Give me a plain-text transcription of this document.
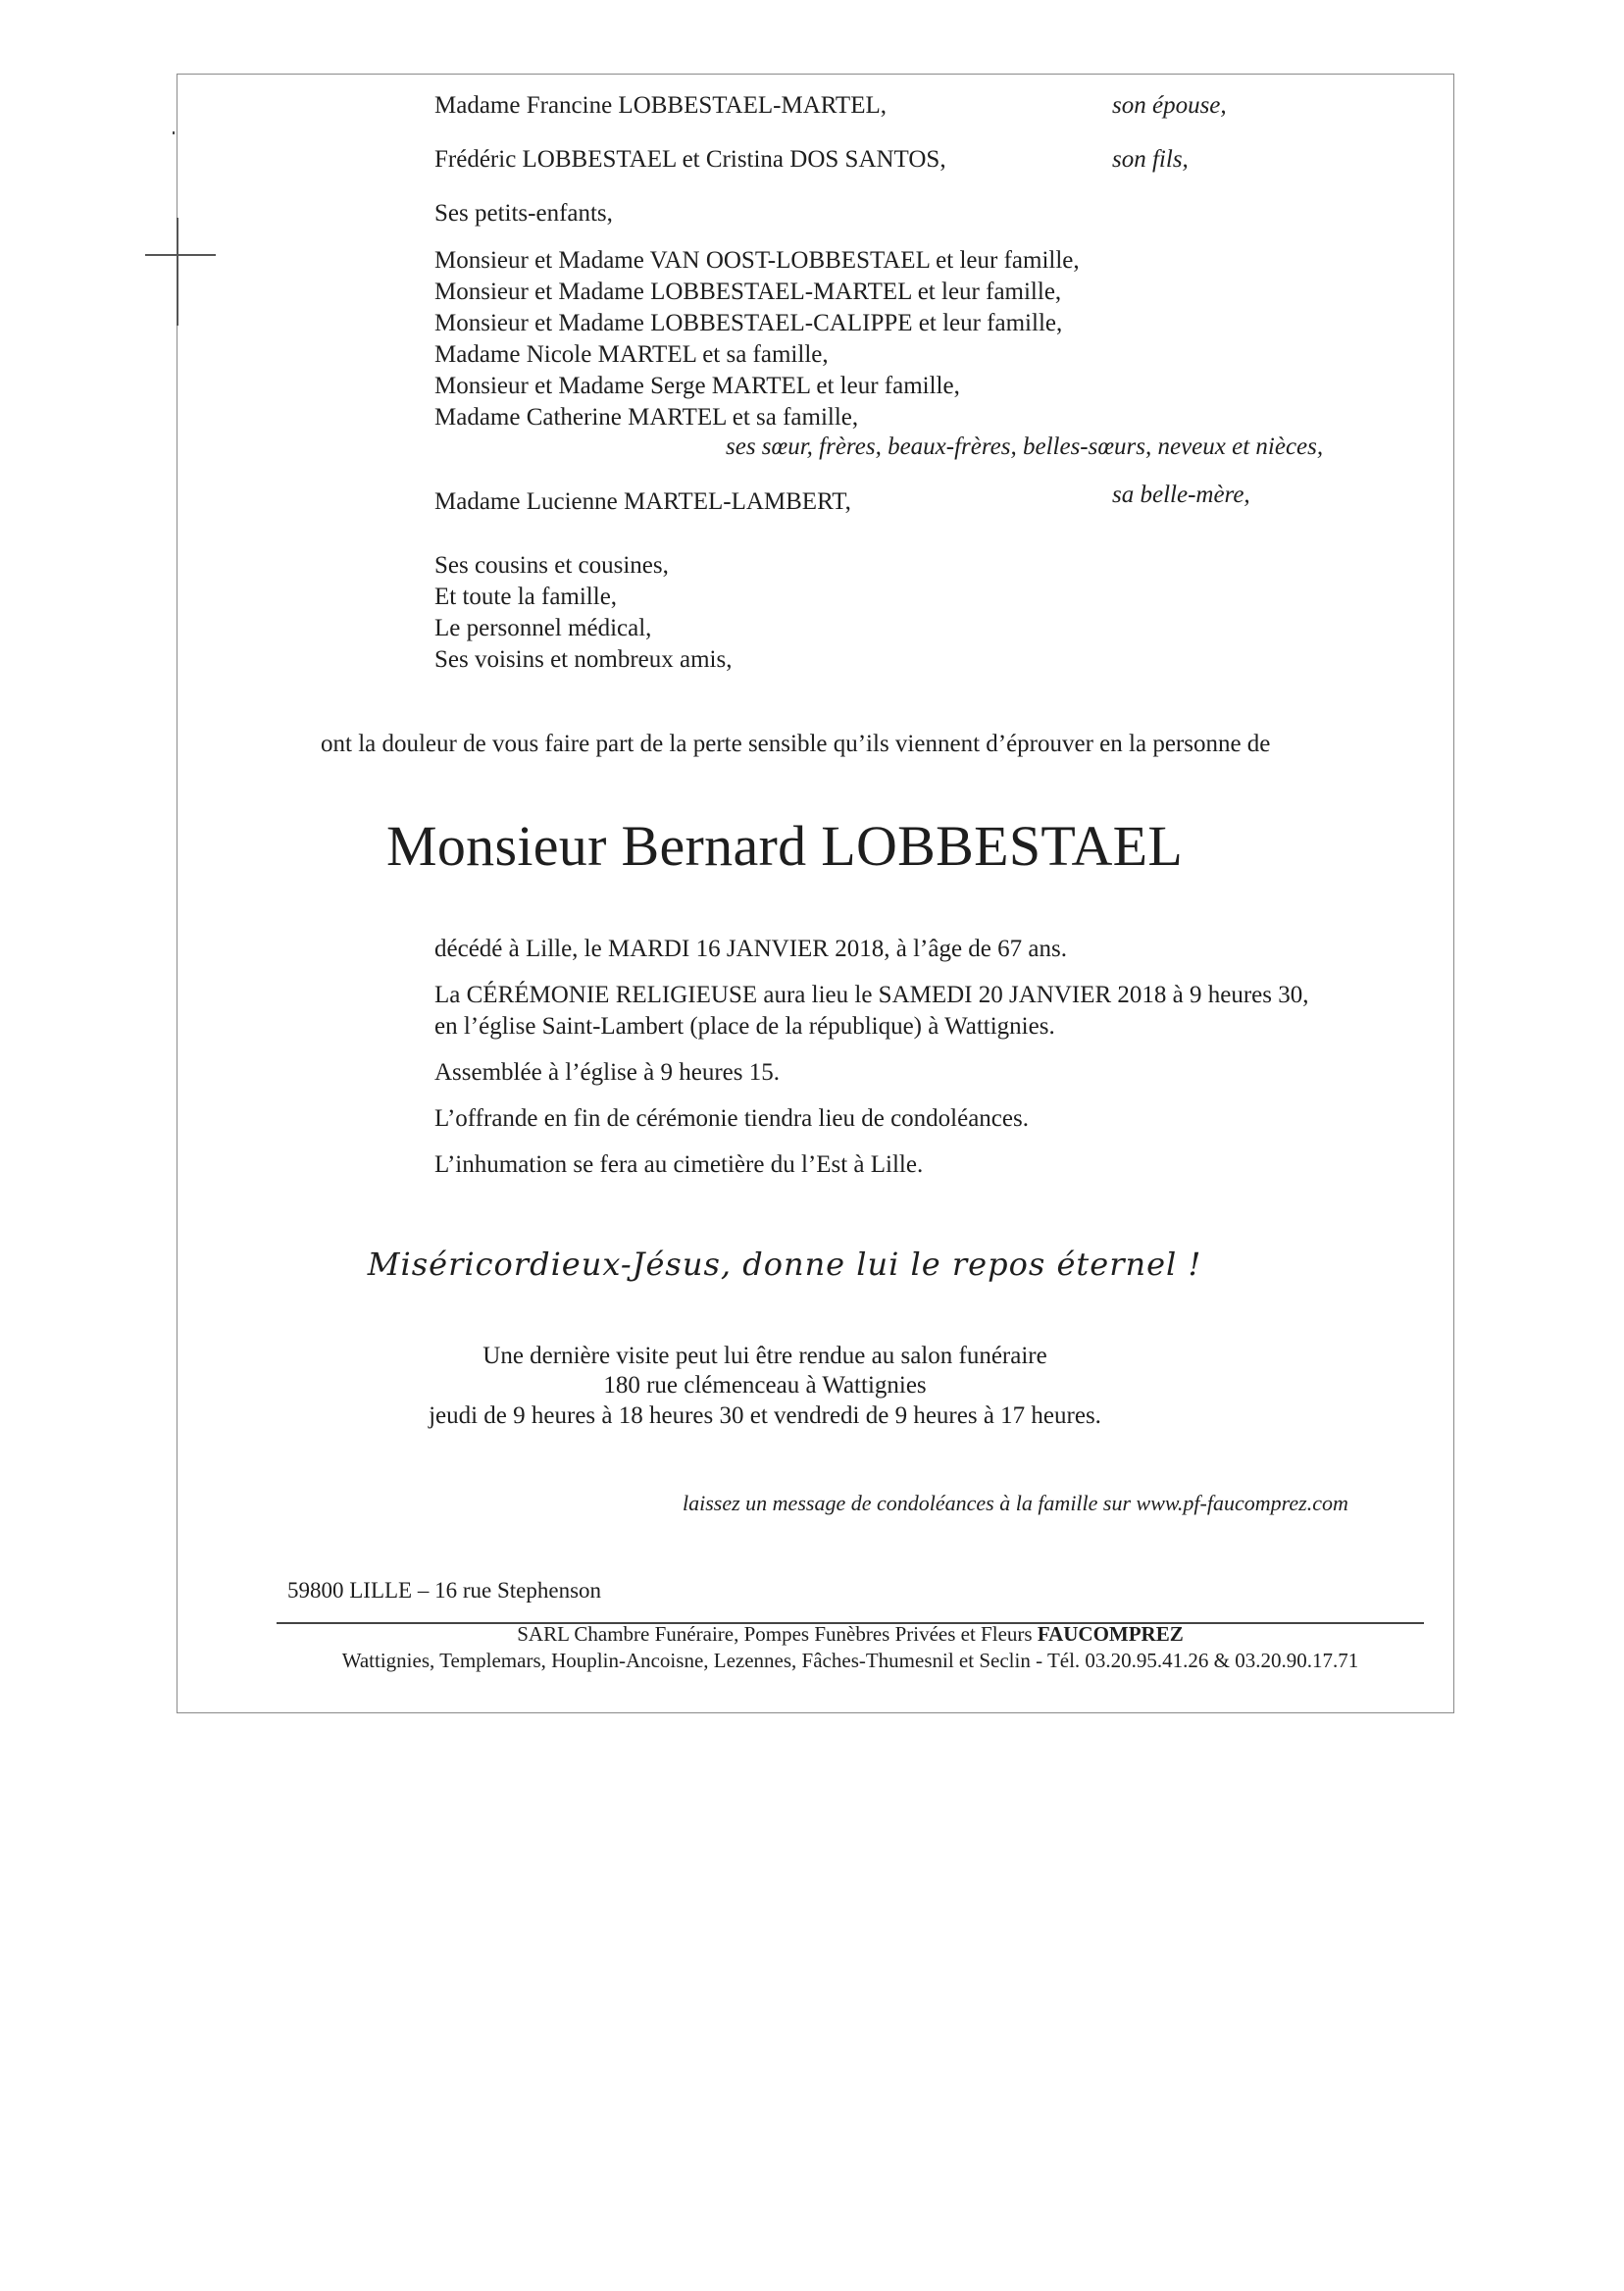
Madame Francine LOBBESTAEL-MARTEL,	son épouse,
Frédéric LOBBESTAEL et Cristina DOS SANTOS,	son fils,
Ses petits-enfants,
Monsieur et Madame VAN OOST-LOBBESTAEL et leur famille,
Monsieur et Madame LOBBESTAEL-MARTEL et leur famille,
Monsieur et Madame LOBBESTAEL-CALIPPE et leur famille,
Madame Nicole MARTEL et sa famille,
Monsieur et Madame Serge MARTEL et leur famille,
Madame Catherine MARTEL et sa famille,
ses sœur, frères, beaux-frères, belles-sœurs, neveux et nièces,
Madame Lucienne MARTEL-LAMBERT,	sa belle-mère,
Ses cousins et cousines,
Et toute la famille,
Le personnel médical,
Ses voisins et nombreux amis,
ont la douleur de vous faire part de la perte sensible qu’ils viennent d’éprouver en la personne de
Monsieur Bernard LOBBESTAEL
décédé à Lille, le MARDI 16 JANVIER 2018, à l’âge de 67 ans.
La CÉRÉMONIE RELIGIEUSE aura lieu le SAMEDI 20 JANVIER 2018 à 9 heures 30,
en l’église Saint-Lambert (place de la république) à Wattignies.
Assemblée à l’église à 9 heures 15.
L’offrande en fin de cérémonie tiendra lieu de condoléances.
L’inhumation se fera au cimetière du l’Est à Lille.
Miséricordieux-Jésus, donne lui le repos éternel !
Une dernière visite peut lui être rendue au salon funéraire
180 rue clémenceau à Wattignies
jeudi de 9 heures à 18 heures 30 et vendredi de 9 heures à 17 heures.
laissez un message de condoléances à la famille sur www.pf-faucomprez.com
59800 LILLE – 16 rue Stephenson
SARL Chambre Funéraire, Pompes Funèbres Privées et Fleurs FAUCOMPREZ
Wattignies, Templemars, Houplin-Ancoisne, Lezennes, Fâches-Thumesnil et Seclin - Tél. 03.20.95.41.26 & 03.20.90.17.71
